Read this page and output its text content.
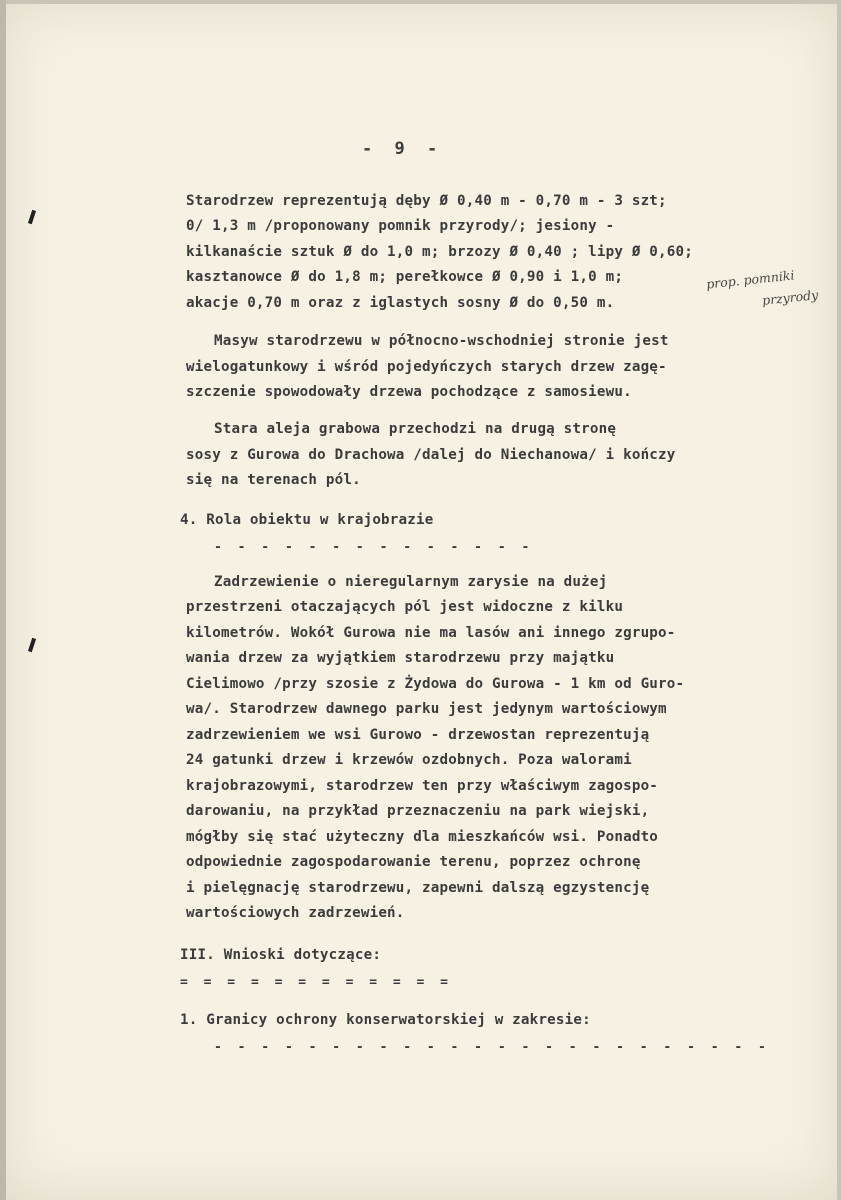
- 9 -
Starodrzew reprezentują dęby Ø 0,40 m - 0,70 m - 3 szt;
0/ 1,3 m /proponowany pomnik przyrody/; jesiony -
kilkanaście sztuk Ø do 1,0 m; brzozy Ø 0,40 ; lipy Ø 0,60;
kasztanowce Ø do 1,8 m; perełkowce Ø 0,90 i 1,0 m;
akacje 0,70 m oraz z iglastych sosny Ø do 0,50 m.
prop. pomniki
przyrody
Masyw starodrzewu w północno-wschodniej stronie jest
wielogatunkowy i wśród pojedyńczych starych drzew zagę-
szczenie spowodowały drzewa pochodzące z samosiewu.
Stara aleja grabowa przechodzi na drugą stronę
sosy z Gurowa do Drachowa /dalej do Niechanowa/ i kończy
się na terenach pól.
4. Rola obiektu w krajobrazie
- - - - - - - - - - - - - -
Zadrzewienie o nieregularnym zarysie na dużej
przestrzeni otaczających pól jest widoczne z kilku
kilometrów. Wokół Gurowa nie ma lasów ani innego zgrupo-
wania drzew za wyjątkiem starodrzewu przy majątku
Cielimowo /przy szosie z Żydowa do Gurowa - 1 km od Guro-
wa/. Starodrzew dawnego parku jest jedynym wartościowym
zadrzewieniem we wsi Gurowo - drzewostan reprezentują
24 gatunki drzew i krzewów ozdobnych. Poza walorami
krajobrazowymi, starodrzew ten przy właściwym zagospo-
darowaniu, na przykład przeznaczeniu na park wiejski,
mógłby się stać użyteczny dla mieszkańców wsi. Ponadto
odpowiednie zagospodarowanie terenu, poprzez ochronę
i pielęgnację starodrzewu, zapewni dalszą egzystencję
wartościowych zadrzewień.
III. Wnioski dotyczące:
= = = = = = = = = = = =
1. Granicy ochrony konserwatorskiej w zakresie:
- - - - - - - - - - - - - - - - - - - - - - - -
